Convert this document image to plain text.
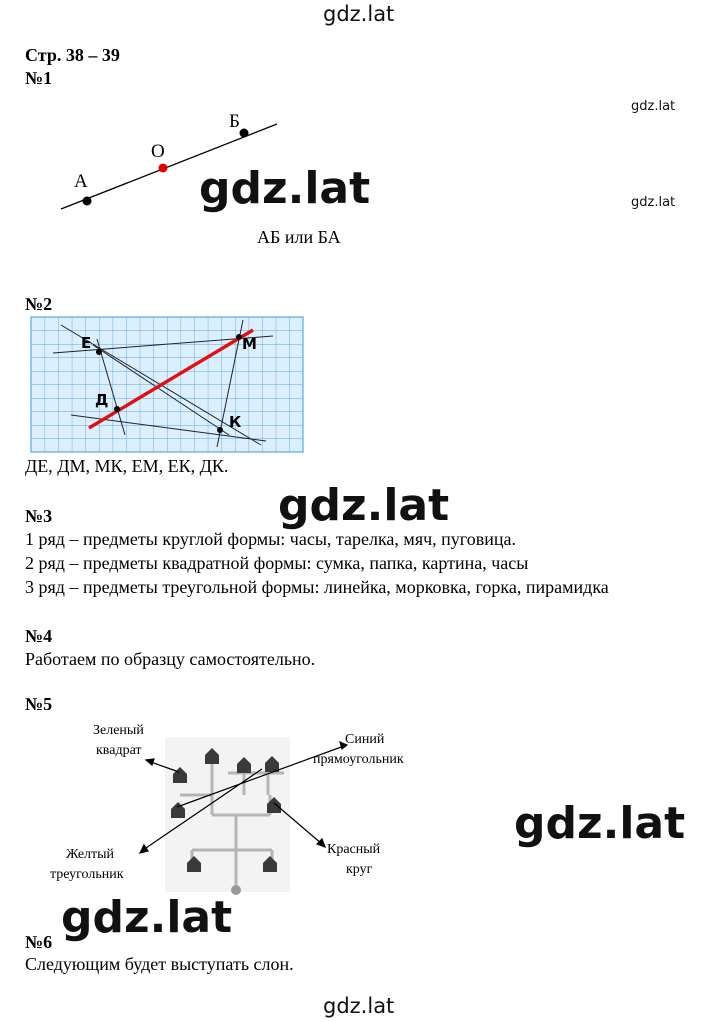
gdz.lat
gdz.lat
gdz.lat
gdz.lat
gdz.lat
gdz.lat
gdz.lat
gdz.lat
Стр. 38 – 39
№1
А
О
Б
АБ или БА
№2
Е	М
Д
К
ДЕ, ДМ, МК, ЕМ, ЕК, ДК.
№3
1 ряд – предметы круглой формы: часы, тарелка, мяч, пуговица.
2 ряд – предметы квадратной формы: сумка, папка, картина, часы
3 ряд – предметы треугольной формы: линейка, морковка, горка, пирамидка
№4
Работаем по образцу самостоятельно.
№5
Зеленый
квадрат
Синий
прямоугольник
Желтый
треугольник
Красный
круг
№6
Следующим будет выступать слон.
